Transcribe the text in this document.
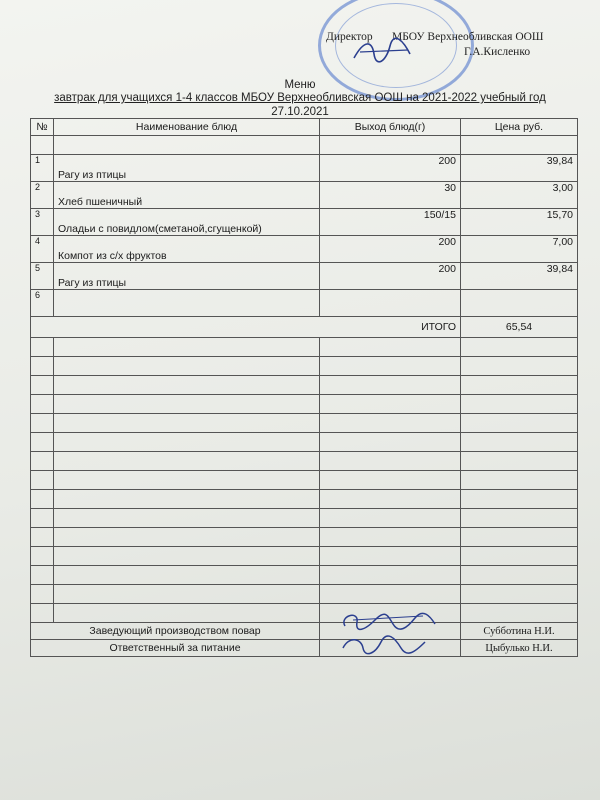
Директор МБОУ Верхнеобливская ООШ
Г.А.Кисленко
Меню
завтрак для учащихся 1-4 классов МБОУ Верхнеобливская ООШ на 2021-2022 учебный год
27.10.2021
№	Наименование блюд	Выход блюд(г)	Цена руб.

1	Рагу из птицы	200	39,84
2	Хлеб пшеничный	30	3,00
3	Оладьи с повидлом(сметаной,сгущенкой)	150/15	15,70
4	Компот из с/х фруктов	200	7,00
5	Рагу из птицы	200	39,84
6			
ИТОГО			65,54

Заведующий производством повар			Субботина Н.И.
Ответственный за питание			Цыбулько Н.И.
